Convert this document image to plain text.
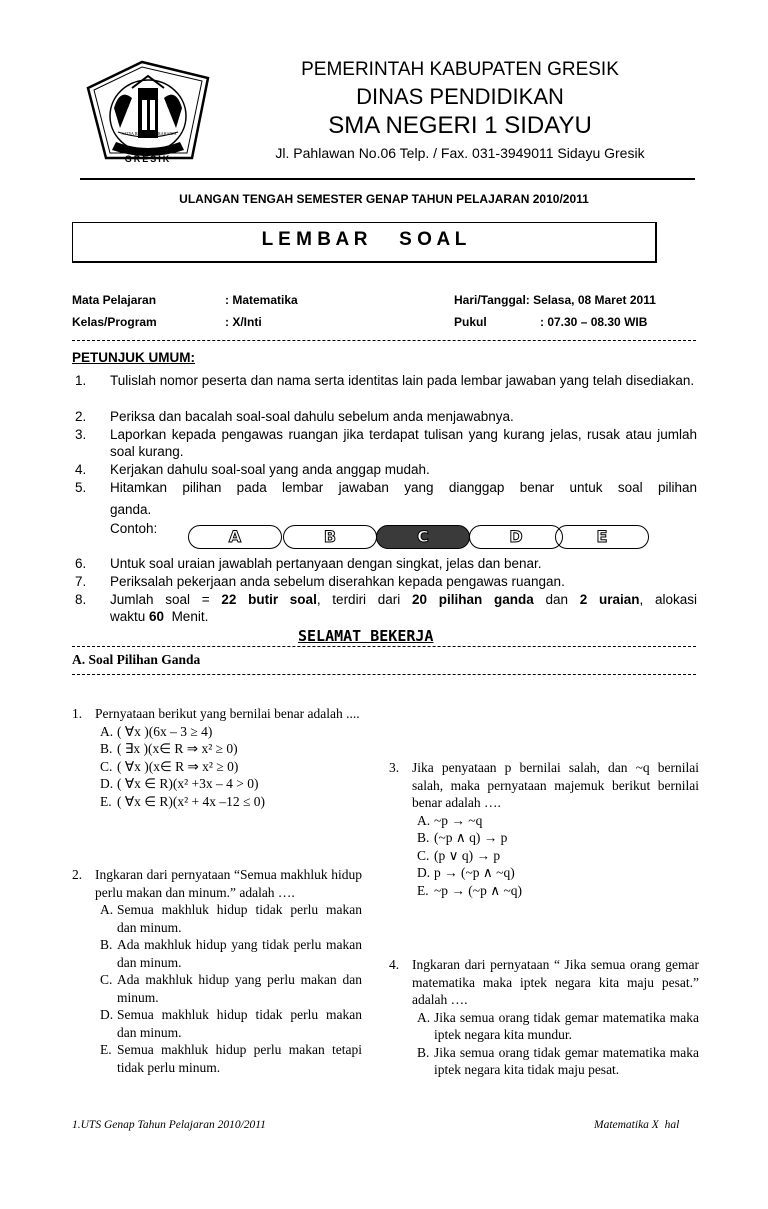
SATYA BINA KERTARAHARJA
GRESIK
PEMERINTAH KABUPATEN GRESIK
DINAS PENDIDIKAN
SMA NEGERI 1 SIDAYU
Jl. Pahlawan No.06 Telp. / Fax. 031-3949011 Sidayu Gresik
ULANGAN TENGAH SEMESTER GENAP TAHUN PELAJARAN 2010/2011
L E M B A R      S O A L
Mata Pelajaran	: Matematika	Hari/Tanggal: Selasa, 08 Maret 2011
Kelas/Program	: X/Inti	Pukul	: 07.30 – 08.30 WIB
PETUNJUK UMUM:
1. Tulislah nomor peserta dan nama serta identitas lain pada lembar jawaban yang telah disediakan.
2. Periksa dan bacalah soal-soal dahulu sebelum anda menjawabnya.
3. Laporkan kepada pengawas ruangan jika terdapat tulisan yang kurang jelas, rusak atau jumlah soal kurang.
4. Kerjakan dahulu soal-soal yang anda anggap mudah.
5. Hitamkan pilihan pada lembar jawaban yang dianggap benar untuk soal pilihan
ganda.
Contoh:	A	B	C	D	E
6. Untuk soal uraian jawablah pertanyaan dengan singkat, jelas dan benar.
7. Periksalah pekerjaan anda sebelum diserahkan kepada pengawas ruangan.
8. Jumlah soal = 22 butir soal, terdiri dari 20 pilihan ganda dan 2 uraian, alokasi
waktu 60  Menit.
SELAMAT BEKERJA
A. Soal Pilihan Ganda
1. Pernyataan berikut yang bernilai benar adalah ....
A. ( ∀x )(6x – 3 ≥ 4)
B. ( ∃x )(x∈ R ⇒ x² ≥ 0)
C. ( ∀x )(x∈ R ⇒ x² ≥ 0)
D. ( ∀x ∈ R)(x² +3x – 4 > 0)
E. ( ∀x ∈ R)(x² + 4x –12 ≤ 0)
2. Ingkaran dari pernyataan “Semua makhluk hidup perlu makan dan minum.” adalah ….
A. Semua makhluk hidup tidak perlu makan dan minum.
B. Ada makhluk hidup yang tidak perlu makan dan minum.
C. Ada makhluk hidup yang perlu makan dan minum.
D. Semua makhluk hidup tidak perlu makan dan minum.
E. Semua makhluk hidup perlu makan tetapi tidak perlu minum.
3. Jika penyataan p bernilai salah, dan ~q bernilai salah, maka pernyataan majemuk berikut bernilai benar adalah ….
A. ~p → ~q
B. (~p ∧ q) → p
C. (p ∨ q) → p
D. p → (~p ∧ ~q)
E. ~p → (~p ∧ ~q)
4. Ingkaran dari pernyataan “ Jika semua orang gemar matematika maka iptek negara kita maju pesat.” adalah ….
A. Jika semua orang tidak gemar matematika maka iptek negara kita mundur.
B. Jika semua orang tidak gemar matematika maka iptek negara kita tidak maju pesat.
1.UTS Genap Tahun Pelajaran 2010/2011	Matematika X  hal
